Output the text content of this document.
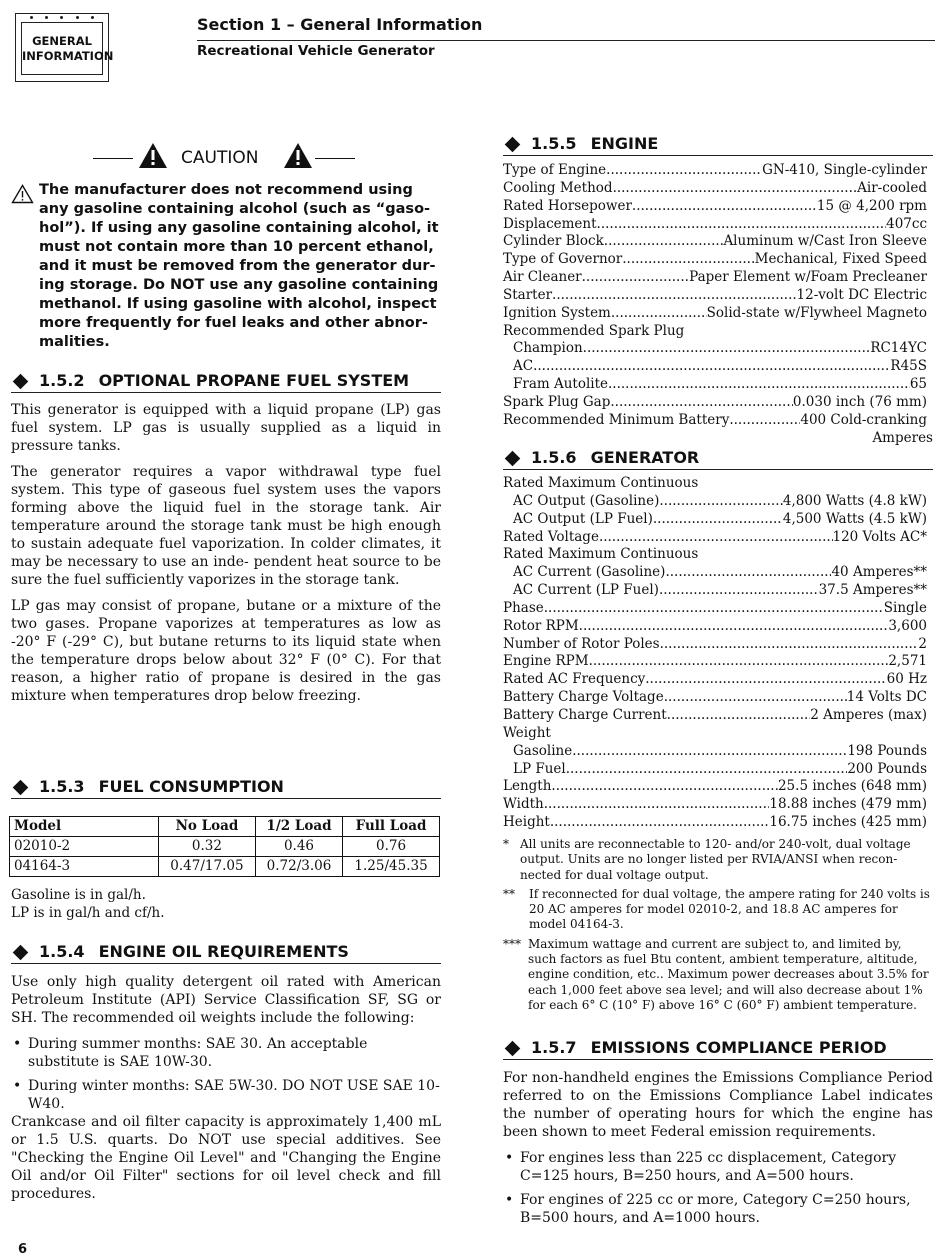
GENERAL
INFORMATION
Section 1 – General Information
Recreational Vehicle Generator
CAUTION

The manufacturer does not recommend using any gasoline containing alcohol (such as “gaso- hol”). If using any gasoline containing alcohol, it must not contain more than 10 percent ethanol, and it must be removed from the generator dur- ing storage. Do NOT use any gasoline containing methanol. If using gasoline with alcohol, inspect more frequently for fuel leaks and other abnor- malities.

1.5.2 OPTIONAL PROPANE FUEL SYSTEM

This generator is equipped with a liquid propane (LP) gas fuel system. LP gas is usually supplied as a liquid in pressure tanks.

The generator requires a vapor withdrawal type fuel system. This type of gaseous fuel system uses the vapors forming above the liquid fuel in the storage tank. Air temperature around the storage tank must be high enough to sustain adequate fuel vaporization. In colder climates, it may be necessary to use an inde- pendent heat source to be sure the fuel sufficiently vaporizes in the storage tank.

LP gas may consist of propane, butane or a mixture of the two gases. Propane vaporizes at temperatures as low as -20° F (-29° C), but butane returns to its liquid state when the temperature drops below about 32° F (0° C). For that reason, a higher ratio of propane is desired in the gas mixture when temperatures drop below freezing.

1.5.3 FUEL CONSUMPTION
Model	No Load	1/2 Load	Full Load
02010-2	0.32	0.46	0.76
04164-3	0.47/17.05	0.72/3.06	1.25/45.35
Gasoline is in gal/h.
LP is in gal/h and cf/h.
1.5.4 ENGINE OIL REQUIREMENTS

Use only high quality detergent oil rated with American Petroleum Institute (API) Service Classification SF, SG or SH. The recommended oil weights include the following:

• During summer months: SAE 30. An acceptable substitute is SAE 10W-30.
• During winter months: SAE 5W-30. DO NOT USE SAE 10-W40.

Crankcase and oil filter capacity is approximately 1,400 mL or 1.5 U.S. quarts. Do NOT use special additives. See "Checking the Engine Oil Level" and "Changing the Engine Oil and/or Oil Filter" sections for oil level check and fill procedures.

6
1.5.5 ENGINE
Type of Engine .....	GN-410, Single-cylinder
Cooling Method .....	Air-cooled
Rated Horsepower .....	15 @ 4,200 rpm
Displacement .....	407cc
Cylinder Block .....	Aluminum w/Cast Iron Sleeve
Type of Governor .....	Mechanical, Fixed Speed
Air Cleaner .....	Paper Element w/Foam Precleaner
Starter .....	12-volt DC Electric
Ignition System .....	Solid-state w/Flywheel Magneto
Recommended Spark Plug
Champion .....	RC14YC
AC .....	R45S
Fram Autolite .....	65
Spark Plug Gap .....	0.030 inch (76 mm)
Recommended Minimum Battery .....	400 Cold-cranking
Amperes
1.5.6 GENERATOR
Rated Maximum Continuous
AC Output (Gasoline) .....	4,800 Watts (4.8 kW)
AC Output (LP Fuel) .....	4,500 Watts (4.5 kW)
Rated Voltage .....	120 Volts AC*
Rated Maximum Continuous
AC Current (Gasoline) .....	40 Amperes**
AC Current (LP Fuel) .....	37.5 Amperes**
Phase .....	Single
Rotor RPM .....	3,600
Number of Rotor Poles .....	2
Engine RPM .....	2,571
Rated AC Frequency .....	60 Hz
Battery Charge Voltage .....	14 Volts DC
Battery Charge Current .....	2 Amperes (max)
Weight
Gasoline .....	198 Pounds
LP Fuel .....	200 Pounds
Length .....	25.5 inches (648 mm)
Width .....	18.88 inches (479 mm)
Height .....	16.75 inches (425 mm)
* All units are reconnectable to 120- and/or 240-volt, dual voltage output. Units are no longer listed per RVIA/ANSI when recon- nected for dual voltage output.
** If reconnected for dual voltage, the ampere rating for 240 volts is 20 AC amperes for model 02010-2, and 18.8 AC amperes for model 04164-3.
*** Maximum wattage and current are subject to, and limited by, such factors as fuel Btu content, ambient temperature, altitude, engine condition, etc.. Maximum power decreases about 3.5% for each 1,000 feet above sea level; and will also decrease about 1% for each 6° C (10° F) above 16° C (60° F) ambient temperature.
1.5.7 EMISSIONS COMPLIANCE PERIOD

For non-handheld engines the Emissions Compliance Period referred to on the Emissions Compliance Label indicates the number of operating hours for which the engine has been shown to meet Federal emission requirements.

• For engines less than 225 cc displacement, Category C=125 hours, B=250 hours, and A=500 hours.
• For engines of 225 cc or more, Category C=250 hours, B=500 hours, and A=1000 hours.
